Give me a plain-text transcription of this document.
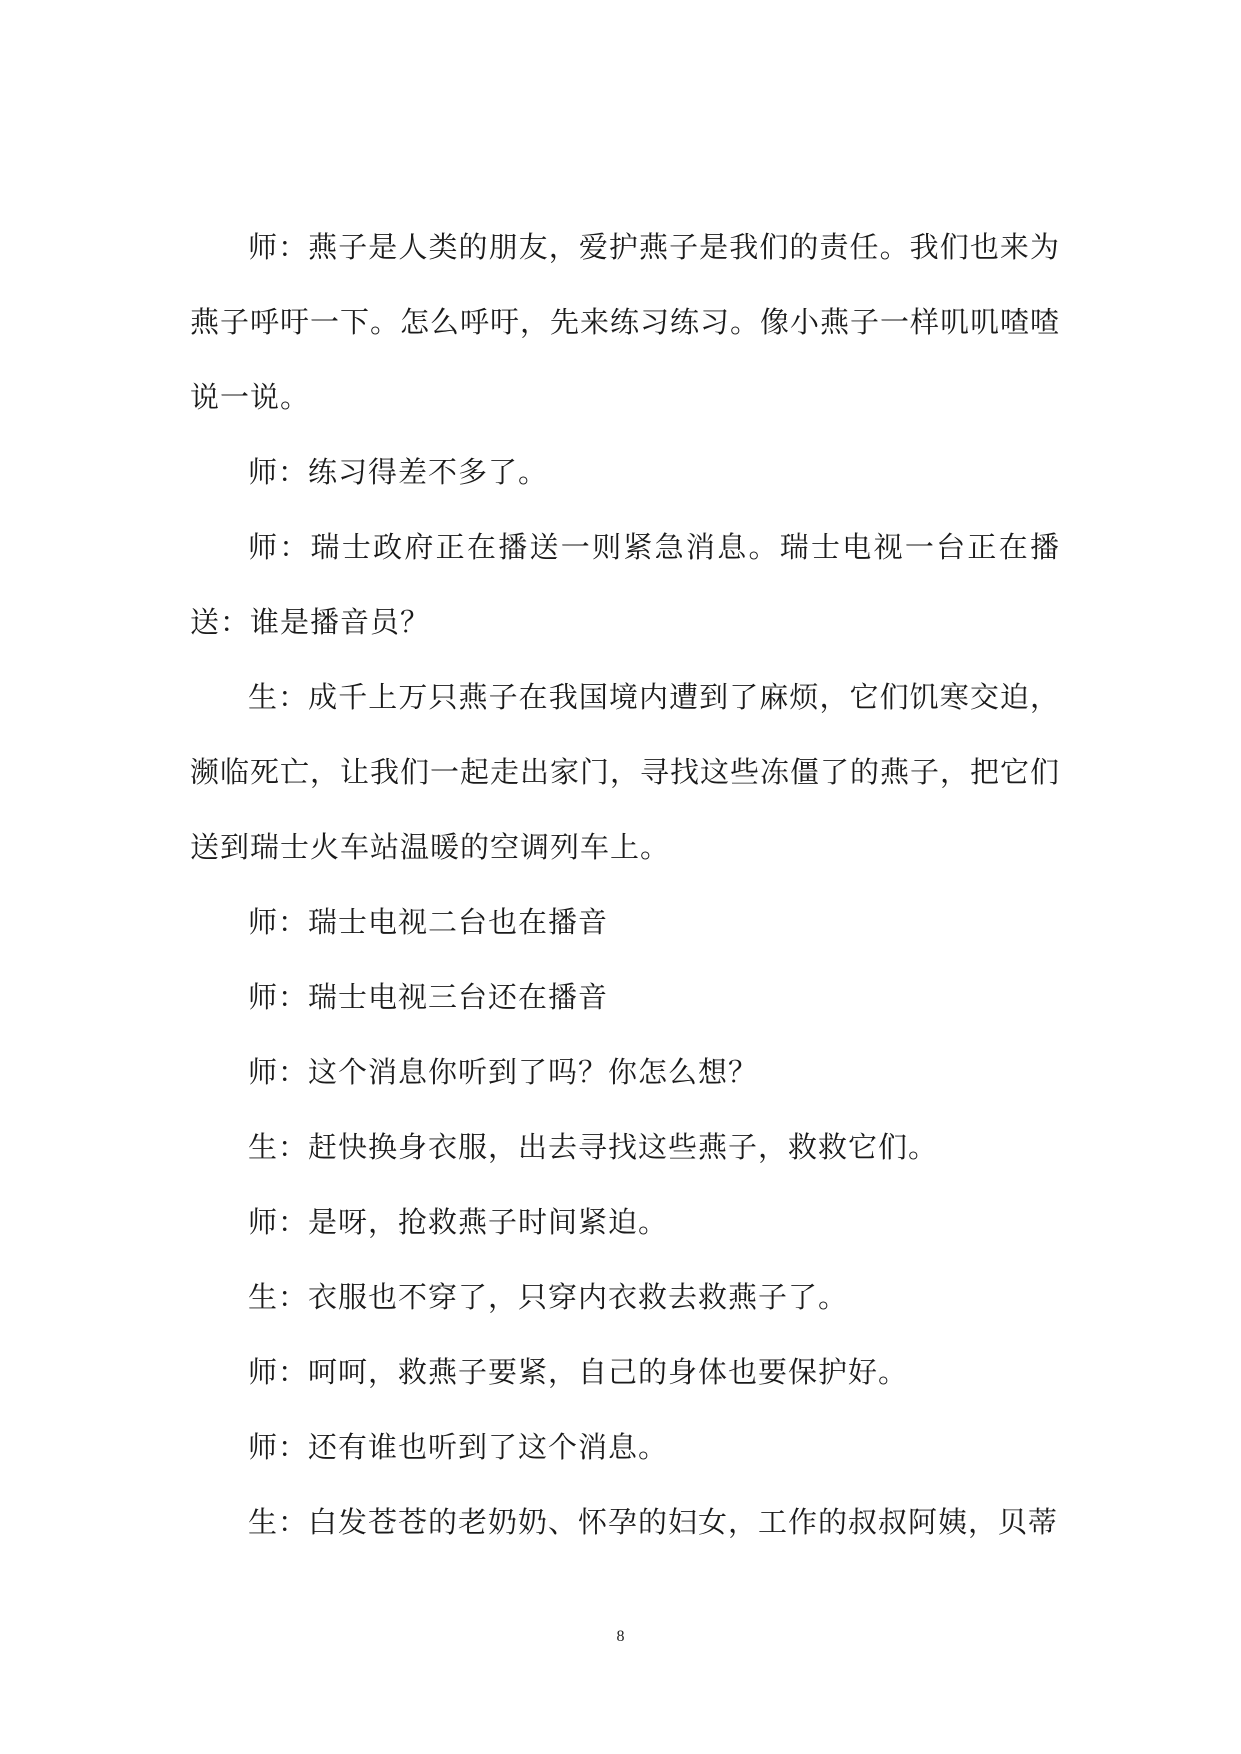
师：燕子是人类的朋友，爱护燕子是我们的责任。我们也来为燕子呼吁一下。怎么呼吁，先来练习练习。像小燕子一样叽叽喳喳说一说。

师：练习得差不多了。

师：瑞士政府正在播送一则紧急消息。瑞士电视一台正在播送：谁是播音员？

生：成千上万只燕子在我国境内遭到了麻烦，它们饥寒交迫，濒临死亡，让我们一起走出家门，寻找这些冻僵了的燕子，把它们送到瑞士火车站温暖的空调列车上。

师：瑞士电视二台也在播音

师：瑞士电视三台还在播音

师：这个消息你听到了吗？你怎么想？

生：赶快换身衣服，出去寻找这些燕子，救救它们。

师：是呀，抢救燕子时间紧迫。

生：衣服也不穿了，只穿内衣救去救燕子了。

师：呵呵，救燕子要紧，自己的身体也要保护好。

师：还有谁也听到了这个消息。

生：白发苍苍的老奶奶、怀孕的妇女，工作的叔叔阿姨，贝蒂

8
